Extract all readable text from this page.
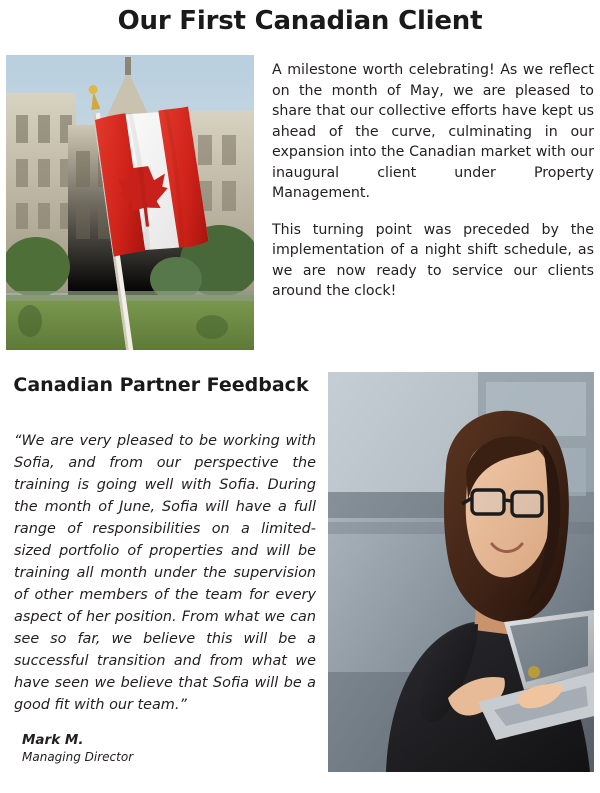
Our First Canadian Client

A milestone worth celebrating! As we reflect on the month of May, we are pleased to share that our collective efforts have kept us ahead of the curve, culminating in our expansion into the Canadian market with our inaugural client under Property Management.

This turning point was preceded by the implementation of a night shift schedule, as we are now ready to service our clients around the clock!

Canadian Partner Feedback
“We are very pleased to be working with Sofia, and from our perspective the training is going well with Sofia. During the month of June, Sofia will have a full range of responsibilities on a limited-sized portfolio of properties and will be training all month under the supervision of other members of the team for every aspect of her position. From what we can see so far, we believe this will be a successful transition and from what we have seen we believe that Sofia will be a good fit with our team.”
Mark M.
Managing Director
